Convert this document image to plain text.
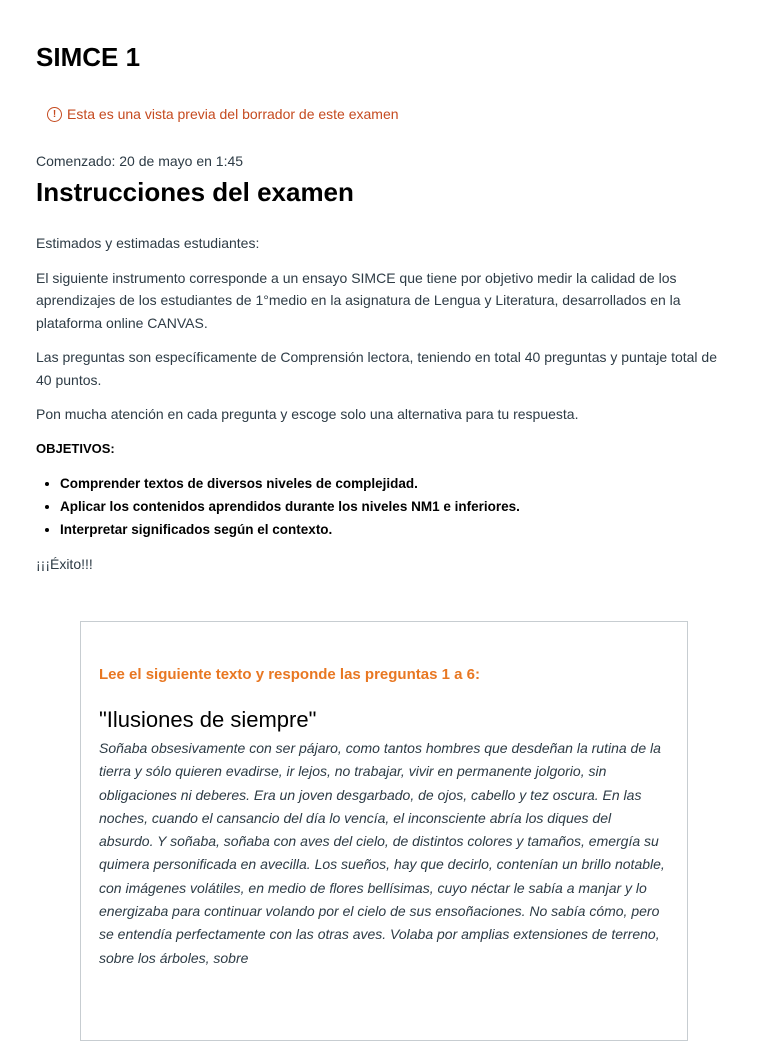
SIMCE 1
! Esta es una vista previa del borrador de este examen
Comenzado: 20 de mayo en 1:45
Instrucciones del examen

Estimados y estimadas estudiantes:

El siguiente instrumento corresponde a un ensayo SIMCE que tiene por objetivo medir la calidad de los aprendizajes de los estudiantes de 1°medio en la asignatura de Lengua y Literatura, desarrollados en la plataforma online CANVAS.

Las preguntas son específicamente de Comprensión lectora, teniendo en total 40 preguntas y puntaje total de 40 puntos.

Pon mucha atención en cada pregunta y escoge solo una alternativa para tu respuesta.

OBJETIVOS:

• Comprender textos de diversos niveles de complejidad.
• Aplicar los contenidos aprendidos durante los niveles NM1 e inferiores.
• Interpretar significados según el contexto.

¡¡¡Éxito!!!

Lee el siguiente texto y responde las preguntas 1 a 6:

"Ilusiones de siempre"

Soñaba obsesivamente con ser pájaro, como tantos hombres que desdeñan la rutina de la tierra y sólo quieren evadirse, ir lejos, no trabajar, vivir en permanente jolgorio, sin obligaciones ni deberes. Era un joven desgarbado, de ojos, cabello y tez oscura. En las noches, cuando el cansancio del día lo vencía, el inconsciente abría los diques del absurdo. Y soñaba, soñaba con aves del cielo, de distintos colores y tamaños, emergía su quimera personificada en avecilla. Los sueños, hay que decirlo, contenían un brillo notable, con imágenes volátiles, en medio de flores bellísimas, cuyo néctar le sabía a manjar y lo energizaba para continuar volando por el cielo de sus ensoñaciones. No sabía cómo, pero se entendía perfectamente con las otras aves. Volaba por amplias extensiones de terreno, sobre los árboles, sobre
